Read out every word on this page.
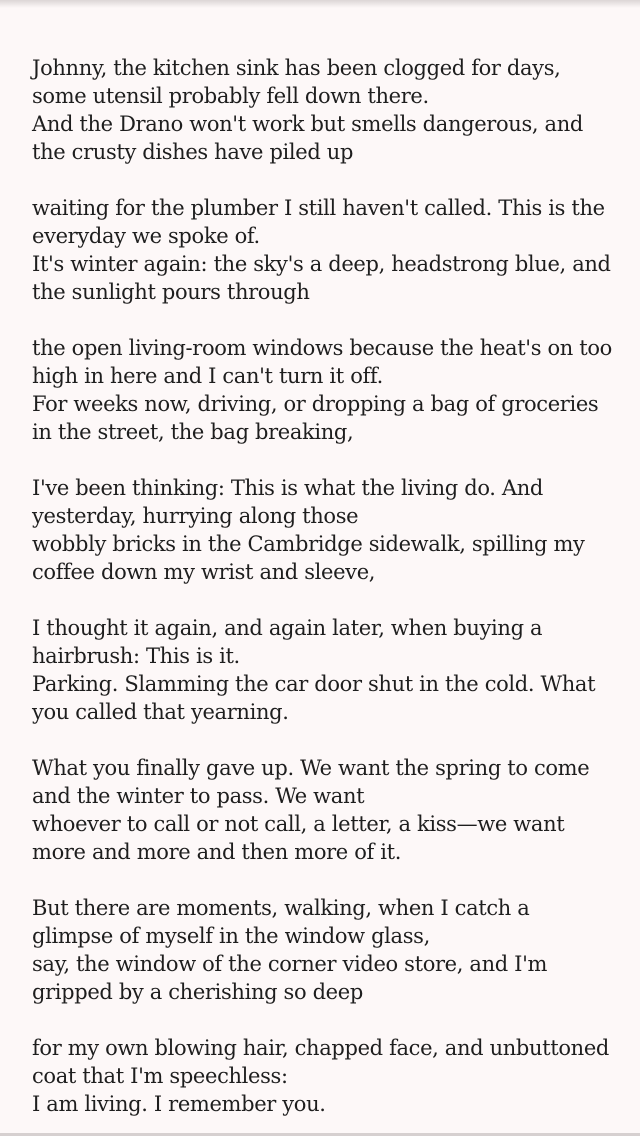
Johnny, the kitchen sink has been clogged for days, some utensil probably fell down there.
And the Drano won't work but smells dangerous, and the crusty dishes have piled up
waiting for the plumber I still haven't called. This is the everyday we spoke of.
It's winter again: the sky's a deep, headstrong blue, and the sunlight pours through
the open living-room windows because the heat's on too high in here and I can't turn it off.
For weeks now, driving, or dropping a bag of groceries in the street, the bag breaking,
I've been thinking: This is what the living do. And yesterday, hurrying along those
wobbly bricks in the Cambridge sidewalk, spilling my coffee down my wrist and sleeve,
I thought it again, and again later, when buying a hairbrush: This is it.
Parking. Slamming the car door shut in the cold. What you called that yearning.
What you finally gave up. We want the spring to come and the winter to pass. We want
whoever to call or not call, a letter, a kiss—we want more and more and then more of it.
But there are moments, walking, when I catch a glimpse of myself in the window glass,
say, the window of the corner video store, and I'm gripped by a cherishing so deep
for my own blowing hair, chapped face, and unbuttoned coat that I'm speechless:
I am living. I remember you.
